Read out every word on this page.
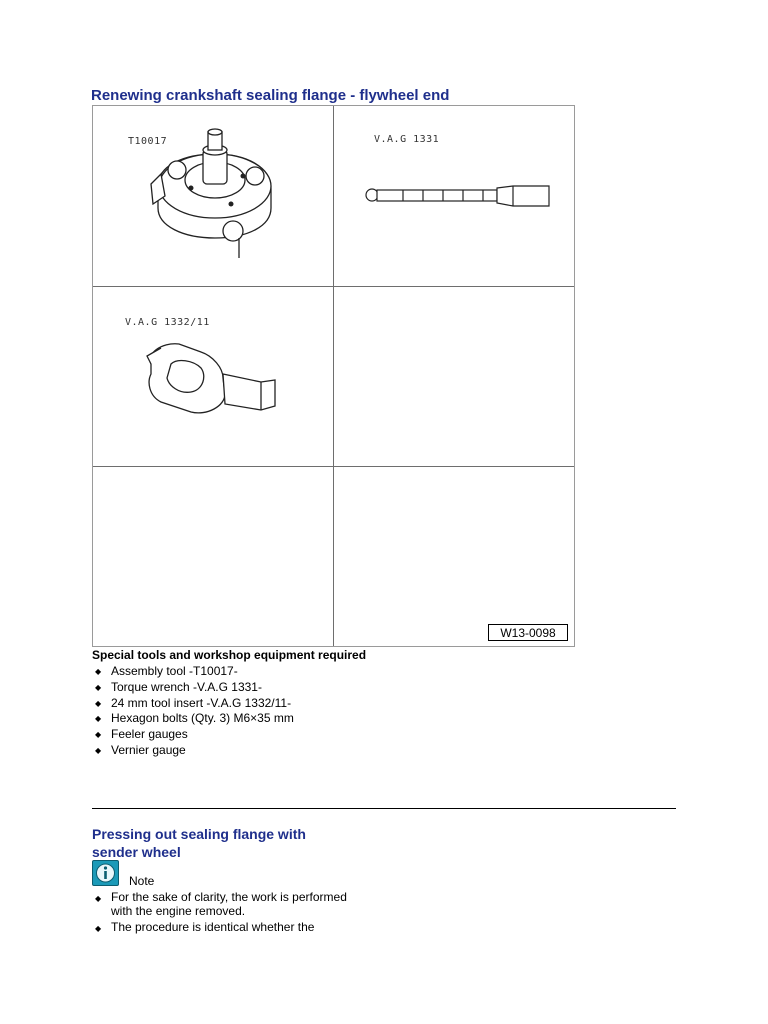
Renewing crankshaft sealing flange - flywheel end
T10017	V.A.G 1331
V.A.G 1332/11
W13-0098

Special tools and workshop equipment required

◆ Assembly tool -T10017-
◆ Torque wrench -V.A.G 1331-
◆ 24 mm tool insert -V.A.G 1332/11-
◆ Hexagon bolts (Qty. 3) M6×35 mm
◆ Feeler gauges
◆ Vernier gauge
Pressing out sealing flange with sender wheel
Note
◆ For the sake of clarity, the work is performed with the engine removed.
◆ The procedure is identical whether the
